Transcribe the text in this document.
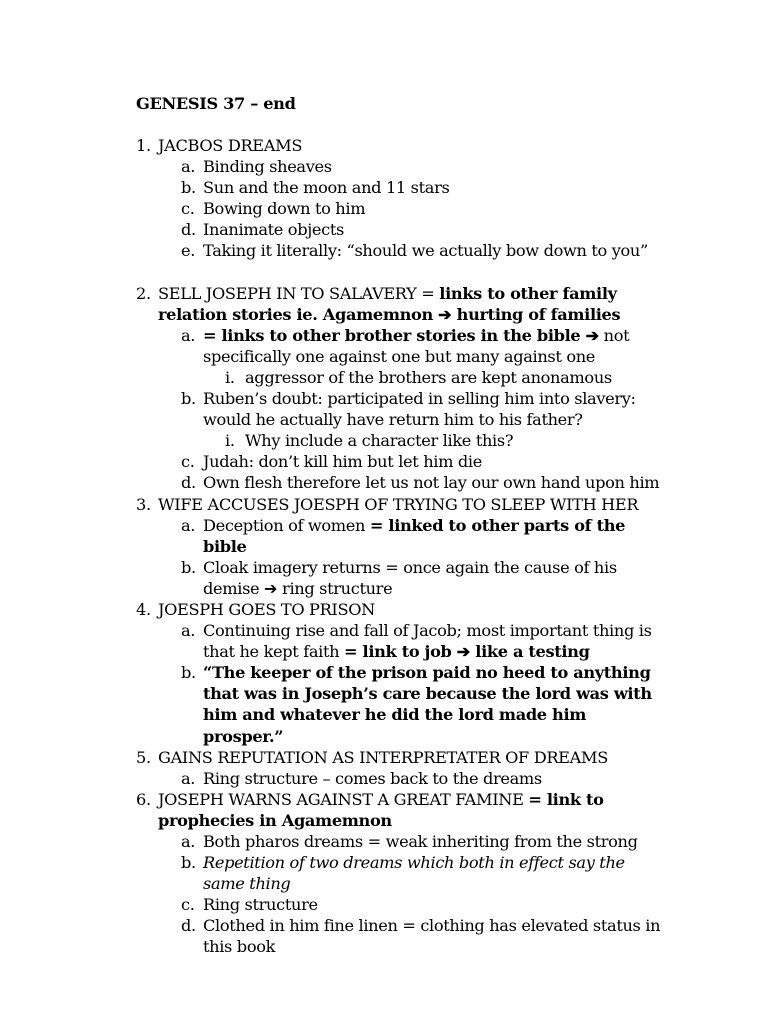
GENESIS 37 – end
1. JACBOS DREAMS
a. Binding sheaves
b. Sun and the moon and 11 stars
c. Bowing down to him
d. Inanimate objects
e. Taking it literally: “should we actually bow down to you”
2. SELL JOSEPH IN TO SALAVERY = links to other family relation stories ie. Agamemnon ➔ hurting of families
a. = links to other brother stories in the bible ➔ not specifically one against one but many against one
i. aggressor of the brothers are kept anonamous
b. Ruben’s doubt: participated in selling him into slavery: would he actually have return him to his father?
i. Why include a character like this?
c. Judah: don’t kill him but let him die
d. Own flesh therefore let us not lay our own hand upon him
3. WIFE ACCUSES JOESPH OF TRYING TO SLEEP WITH HER
a. Deception of women = linked to other parts of the bible
b. Cloak imagery returns = once again the cause of his demise ➔ ring structure
4. JOESPH GOES TO PRISON
a. Continuing rise and fall of Jacob; most important thing is that he kept faith = link to job ➔ like a testing
b. “The keeper of the prison paid no heed to anything that was in Joseph’s care because the lord was with him and whatever he did the lord made him prosper.”
5. GAINS REPUTATION AS INTERPRETATER OF DREAMS
a. Ring structure – comes back to the dreams
6. JOSEPH WARNS AGAINST A GREAT FAMINE = link to prophecies in Agamemnon
a. Both pharos dreams = weak inheriting from the strong
b. Repetition of two dreams which both in effect say the same thing
c. Ring structure
d. Clothed in him fine linen = clothing has elevated status in this book
